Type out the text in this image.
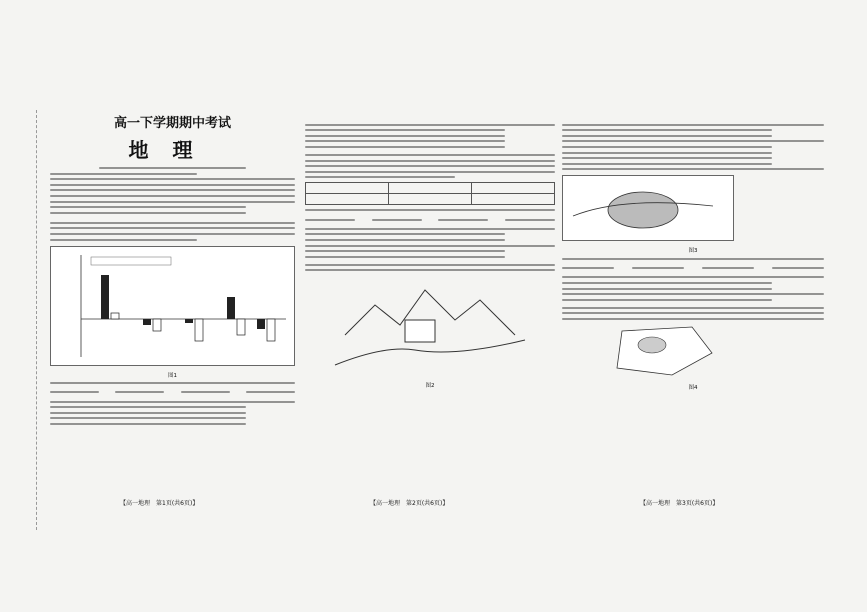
高一下学期期中考试
地理
图1

图2
图3
图4
【高一地理　第1页(共6页)】	【高一地理　第2页(共6页)】	【高一地理　第3页(共6页)】
